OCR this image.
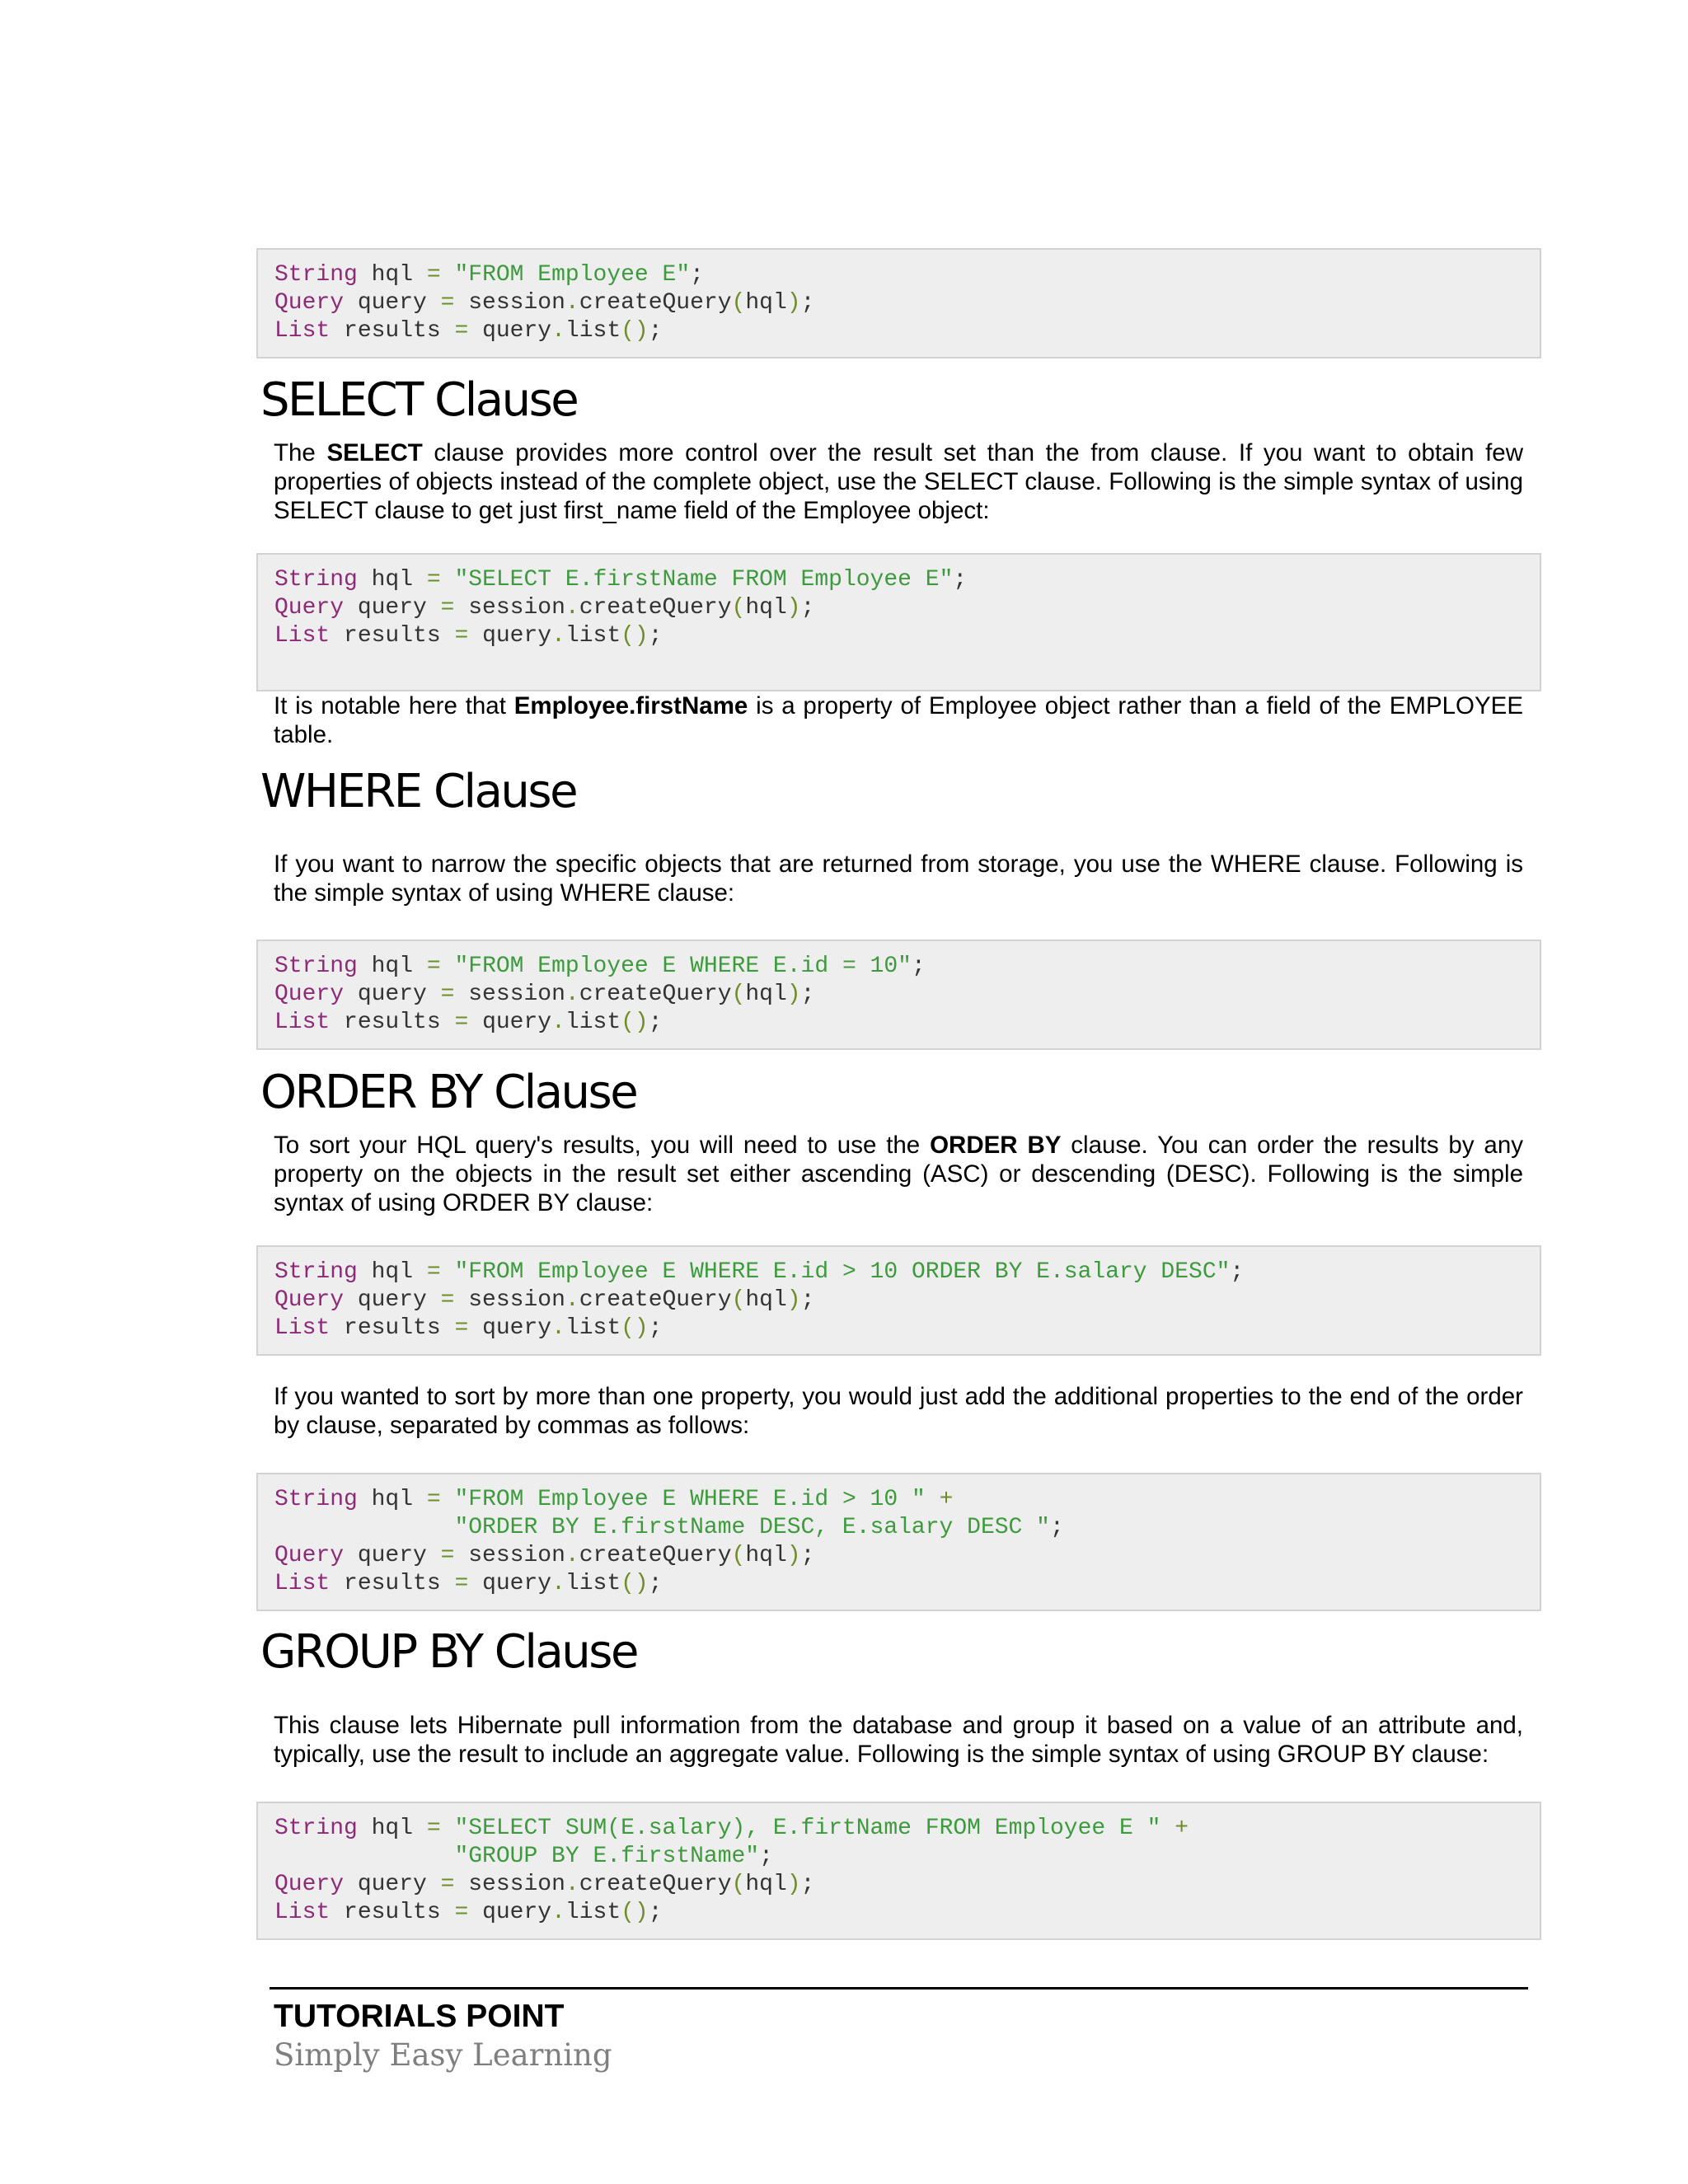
String hql = "FROM Employee E";
Query query = session.createQuery(hql);
List results = query.list();
SELECT Clause
The SELECT clause provides more control over the result set than the from clause. If you want to obtain few properties of objects instead of the complete object, use the SELECT clause. Following is the simple syntax of using SELECT clause to get just first_name field of the Employee object:
String hql = "SELECT E.firstName FROM Employee E";
Query query = session.createQuery(hql);
List results = query.list();
It is notable here that Employee.firstName is a property of Employee object rather than a field of the EMPLOYEE table.
WHERE Clause
If you want to narrow the specific objects that are returned from storage, you use the WHERE clause. Following is the simple syntax of using WHERE clause:
String hql = "FROM Employee E WHERE E.id = 10";
Query query = session.createQuery(hql);
List results = query.list();
ORDER BY Clause
To sort your HQL query's results, you will need to use the ORDER BY clause. You can order the results by any property on the objects in the result set either ascending (ASC) or descending (DESC). Following is the simple syntax of using ORDER BY clause:
String hql = "FROM Employee E WHERE E.id > 10 ORDER BY E.salary DESC";
Query query = session.createQuery(hql);
List results = query.list();
If you wanted to sort by more than one property, you would just add the additional properties to the end of the order by clause, separated by commas as follows:
String hql = "FROM Employee E WHERE E.id > 10 " +
"ORDER BY E.firstName DESC, E.salary DESC ";
Query query = session.createQuery(hql);
List results = query.list();
GROUP BY Clause
This clause lets Hibernate pull information from the database and group it based on a value of an attribute and, typically, use the result to include an aggregate value. Following is the simple syntax of using GROUP BY clause:
String hql = "SELECT SUM(E.salary), E.firtName FROM Employee E " +
"GROUP BY E.firstName";
Query query = session.createQuery(hql);
List results = query.list();
TUTORIALS POINT
Simply Easy Learning
